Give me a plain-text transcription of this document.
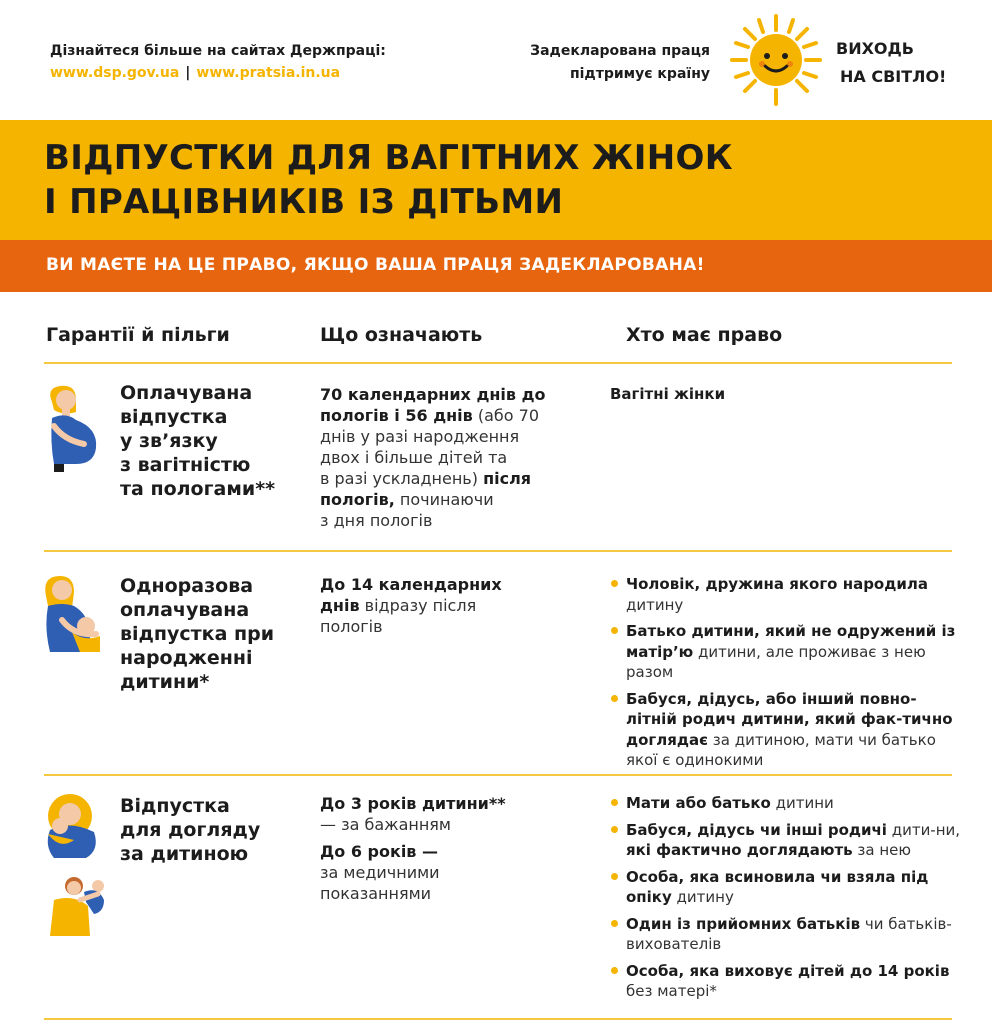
Дізнайтеся більше на сайтах Держпраці:
www.dsp.gov.ua | www.pratsia.in.ua
Задекларована праця
підтримує країну
ВИХОДЬ
НА СВІТЛО!
ВІДПУСТКИ ДЛЯ ВАГІТНИХ ЖІНОК
І ПРАЦІВНИКІВ ІЗ ДІТЬМИ
ВИ МАЄТЕ НА ЦЕ ПРАВО, ЯКЩО ВАША ПРАЦЯ ЗАДЕКЛАРОВАНА!
Гарантії й пільги	Що означають	Хто має право
Оплачувана
відпустка
у зв’язку
з вагітністю
та пологами**
70 календарних днів до
пологів і 56 днів (або 70
днів у разі народження
двох і більше дітей та
в разі ускладнень) після
пологів, починаючи
з дня пологів
Вагітні жінки
Одноразова
оплачувана
відпустка при
народженні
дитини*
До 14 календарних
днів відразу після
пологів
Чоловік, дружина якого народила
дитину
Батько дитини, який не одружений із матір’ю дитини, але проживає з нею разом
Бабуся, дідусь, або інший повно-літній родич дитини, який фак-тично доглядає за дитиною, мати чи батько якої є одинокими
Відпустка
для догляду
за дитиною

До 3 років дитини**
— за бажанням

До 6 років —
за медичними
показаннями

Мати або батько дитини
Бабуся, дідусь чи інші родичі дити-ни, які фактично доглядають за нею
Особа, яка всиновила чи взяла під опіку дитину
Один із прийомних батьків чи батьків-вихователів
Особа, яка виховує дітей до 14 років без матері*
